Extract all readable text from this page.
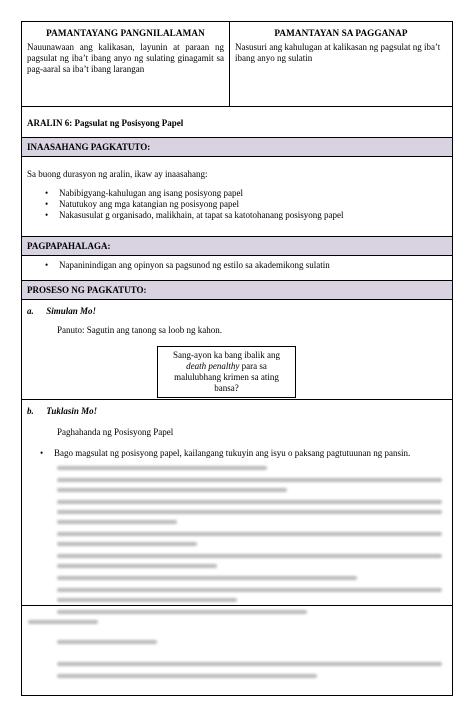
PAMANTAYANG PANGNILALAMAN
Nauunawaan ang kalikasan, layunin at paraan ng pagsulat ng iba’t ibang anyo ng sulating ginagamit sa pag-aaral sa iba’t ibang larangan

PAMANTAYAN SA PAGGANAP
Nasusuri ang kahulugan at kalikasan ng pagsulat ng iba’t ibang anyo ng sulatin
ARALIN 6: Pagsulat ng Posisyong Papel
INAASAHANG PAGKATUTO:
Sa buong durasyon ng aralin, ikaw ay inaasahang:
• Nabibigyang-kahulugan ang isang posisyong papel
• Natutukoy ang mga katangian ng posisyong papel
• Nakasusulat g organisado, malikhain, at tapat sa katotohanang posisyong papel
PAGPAPAHALAGA:
• Napaninindigan ang opinyon sa pagsunod ng estilo sa akademikong sulatin
PROSESO NG PAGKATUTO:
a. Simulan Mo!
Panuto: Sagutin ang tanong sa loob ng kahon.
Sang-ayon ka bang ibalik ang death penalthy para sa malulubhang krimen sa ating bansa?
b. Tuklasin Mo!
Paghahanda ng Posisyong Papel
• Bago magsulat ng posisyong papel, kailangang tukuyin ang isyu o paksang pagtutuunan ng pansin.
